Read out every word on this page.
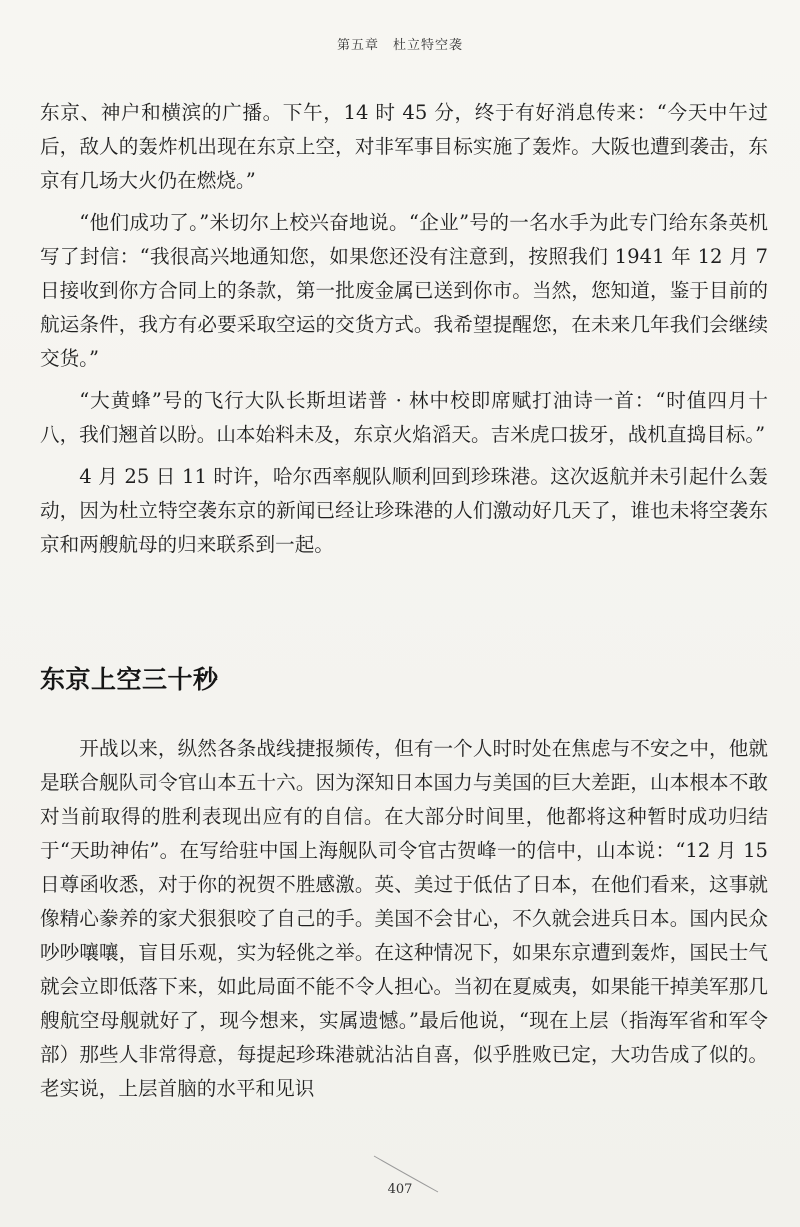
第五章 杜立特空袭

东京、神户和横滨的广播。下午，14 时 45 分，终于有好消息传来：“今天中午过后，敌人的轰炸机出现在东京上空，对非军事目标实施了轰炸。大阪也遭到袭击，东京有几场大火仍在燃烧。”

“他们成功了。”米切尔上校兴奋地说。“企业”号的一名水手为此专门给东条英机写了封信：“我很高兴地通知您，如果您还没有注意到，按照我们 1941 年 12 月 7 日接收到你方合同上的条款，第一批废金属已送到你市。当然，您知道，鉴于目前的航运条件，我方有必要采取空运的交货方式。我希望提醒您，在未来几年我们会继续交货。”

“大黄蜂”号的飞行大队长斯坦诺普 · 林中校即席赋打油诗一首：“时值四月十八，我们翘首以盼。山本始料未及，东京火焰滔天。吉米虎口拔牙，战机直捣目标。”

4 月 25 日 11 时许，哈尔西率舰队顺利回到珍珠港。这次返航并未引起什么轰动，因为杜立特空袭东京的新闻已经让珍珠港的人们激动好几天了，谁也未将空袭东京和两艘航母的归来联系到一起。

东京上空三十秒

开战以来，纵然各条战线捷报频传，但有一个人时时处在焦虑与不安之中，他就是联合舰队司令官山本五十六。因为深知日本国力与美国的巨大差距，山本根本不敢对当前取得的胜利表现出应有的自信。在大部分时间里，他都将这种暂时成功归结于“天助神佑”。在写给驻中国上海舰队司令官古贺峰一的信中，山本说：“12 月 15 日尊函收悉，对于你的祝贺不胜感激。英、美过于低估了日本，在他们看来，这事就像精心豢养的家犬狠狠咬了自己的手。美国不会甘心，不久就会进兵日本。国内民众吵吵嚷嚷，盲目乐观，实为轻佻之举。在这种情况下，如果东京遭到轰炸，国民士气就会立即低落下来，如此局面不能不令人担心。当初在夏威夷，如果能干掉美军那几艘航空母舰就好了，现今想来，实属遗憾。”最后他说，“现在上层（指海军省和军令部）那些人非常得意，每提起珍珠港就沾沾自喜，似乎胜败已定，大功告成了似的。老实说，上层首脑的水平和见识

407
